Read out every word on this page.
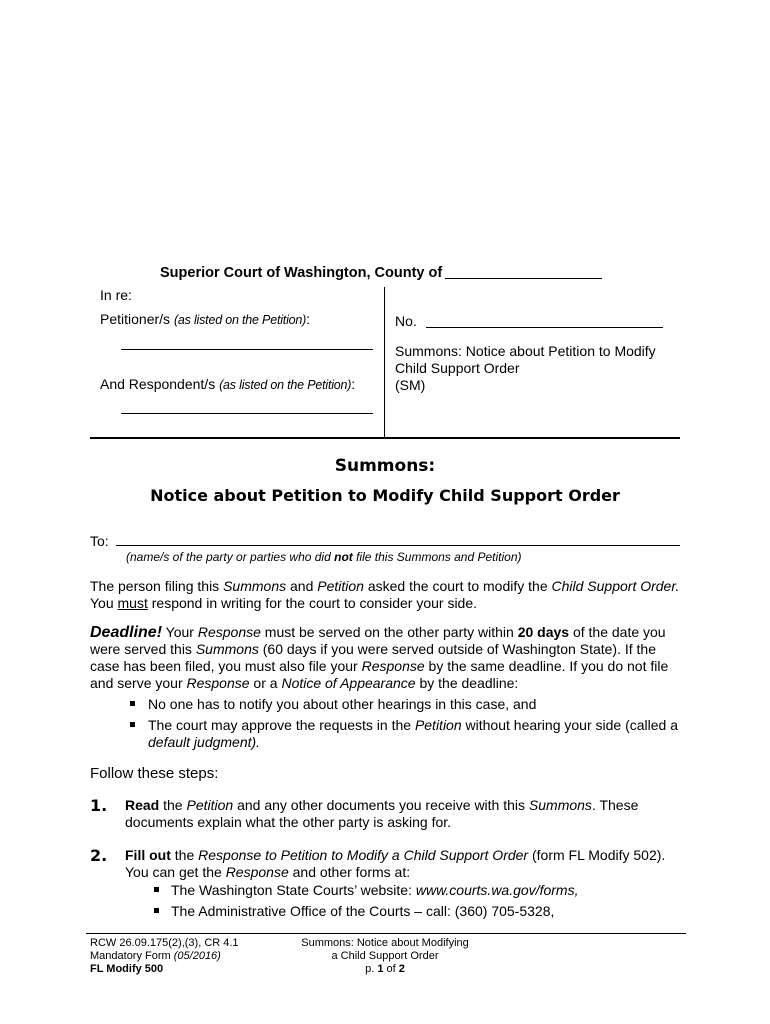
Superior Court of Washington, County of
In re:
Petitioner/s (as listed on the Petition):
And Respondent/s (as listed on the Petition):
No.
Summons: Notice about Petition to Modify
Child Support Order
(SM)
Summons:
Notice about Petition to Modify Child Support Order
To:
(name/s of the party or parties who did not file this Summons and Petition)
The person filing this Summons and Petition asked the court to modify the Child Support Order.
You must respond in writing for the court to consider your side.
Deadline! Your Response must be served on the other party within 20 days of the date you were served this Summons (60 days if you were served outside of Washington State). If the case has been filed, you must also file your Response by the same deadline. If you do not file and serve your Response or a Notice of Appearance by the deadline:
No one has to notify you about other hearings in this case, and
The court may approve the requests in the Petition without hearing your side (called a
default judgment).
Follow these steps:
1. Read the Petition and any other documents you receive with this Summons. These
documents explain what the other party is asking for.
2. Fill out the Response to Petition to Modify a Child Support Order (form FL Modify 502).
You can get the Response and other forms at:
The Washington State Courts’ website: www.courts.wa.gov/forms,
The Administrative Office of the Courts – call: (360) 705-5328,
RCW 26.09.175(2),(3), CR 4.1
Mandatory Form (05/2016)
FL Modify 500
Summons: Notice about Modifying
a Child Support Order
p. 1 of 2
